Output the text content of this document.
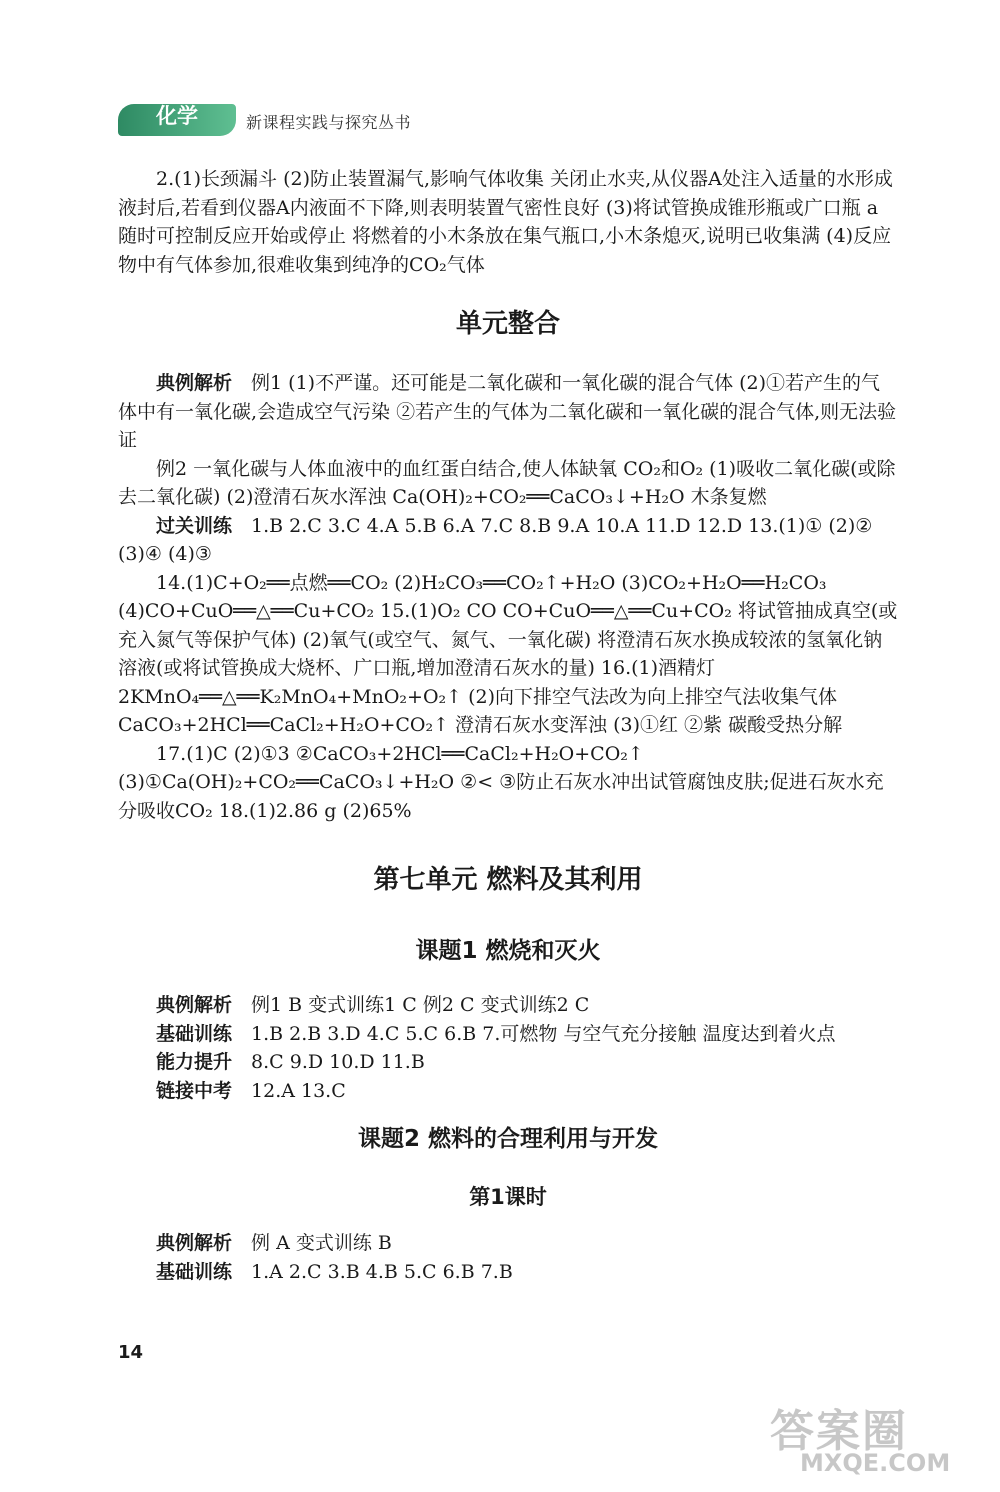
化学	新课程实践与探究丛书

2.(1)长颈漏斗 (2)防止装置漏气,影响气体收集 关闭止水夹,从仪器A处注入适量的水形成液封后,若看到仪器A内液面不下降,则表明装置气密性良好 (3)将试管换成锥形瓶或广口瓶 a 随时可控制反应开始或停止 将燃着的小木条放在集气瓶口,小木条熄灭,说明已收集满 (4)反应物中有气体参加,很难收集到纯净的CO₂气体

单元整合

典例解析　 例1 (1)不严谨。还可能是二氧化碳和一氧化碳的混合气体 (2)①若产生的气体中有一氧化碳,会造成空气污染 ②若产生的气体为二氧化碳和一氧化碳的混合气体,则无法验证

例2 一氧化碳与人体血液中的血红蛋白结合,使人体缺氧 CO₂和O₂ (1)吸收二氧化碳(或除去二氧化碳) (2)澄清石灰水浑浊 Ca(OH)₂+CO₂══CaCO₃↓+H₂O 木条复燃

过关训练　 1.B 2.C 3.C 4.A 5.B 6.A 7.C 8.B 9.A 10.A 11.D 12.D 13.(1)① (2)② (3)④ (4)③

14.(1)C+O₂══点燃══CO₂ (2)H₂CO₃══CO₂↑+H₂O (3)CO₂+H₂O══H₂CO₃ (4)CO+CuO══△══Cu+CO₂ 15.(1)O₂ CO CO+CuO══△══Cu+CO₂ 将试管抽成真空(或充入氮气等保护气体) (2)氧气(或空气、氮气、一氧化碳) 将澄清石灰水换成较浓的氢氧化钠溶液(或将试管换成大烧杯、广口瓶,增加澄清石灰水的量) 16.(1)酒精灯 2KMnO₄══△══K₂MnO₄+MnO₂+O₂↑ (2)向下排空气法改为向上排空气法收集气体 CaCO₃+2HCl══CaCl₂+H₂O+CO₂↑ 澄清石灰水变浑浊 (3)①红 ②紫 碳酸受热分解

17.(1)C (2)①3 ②CaCO₃+2HCl══CaCl₂+H₂O+CO₂↑ (3)①Ca(OH)₂+CO₂══CaCO₃↓+H₂O ②< ③防止石灰水冲出试管腐蚀皮肤;促进石灰水充分吸收CO₂ 18.(1)2.86 g (2)65%

第七单元 燃料及其利用
课题1 燃烧和灭火

典例解析　 例1 B 变式训练1 C 例2 C 变式训练2 C

基础训练　 1.B 2.B 3.D 4.C 5.C 6.B 7.可燃物 与空气充分接触 温度达到着火点

能力提升　 8.C 9.D 10.D 11.B

链接中考　 12.A 13.C

课题2 燃料的合理利用与开发
第1课时

典例解析　 例 A 变式训练 B

基础训练　 1.A 2.C 3.B 4.B 5.C 6.B 7.B

14
答案圈
MXQE.COM
